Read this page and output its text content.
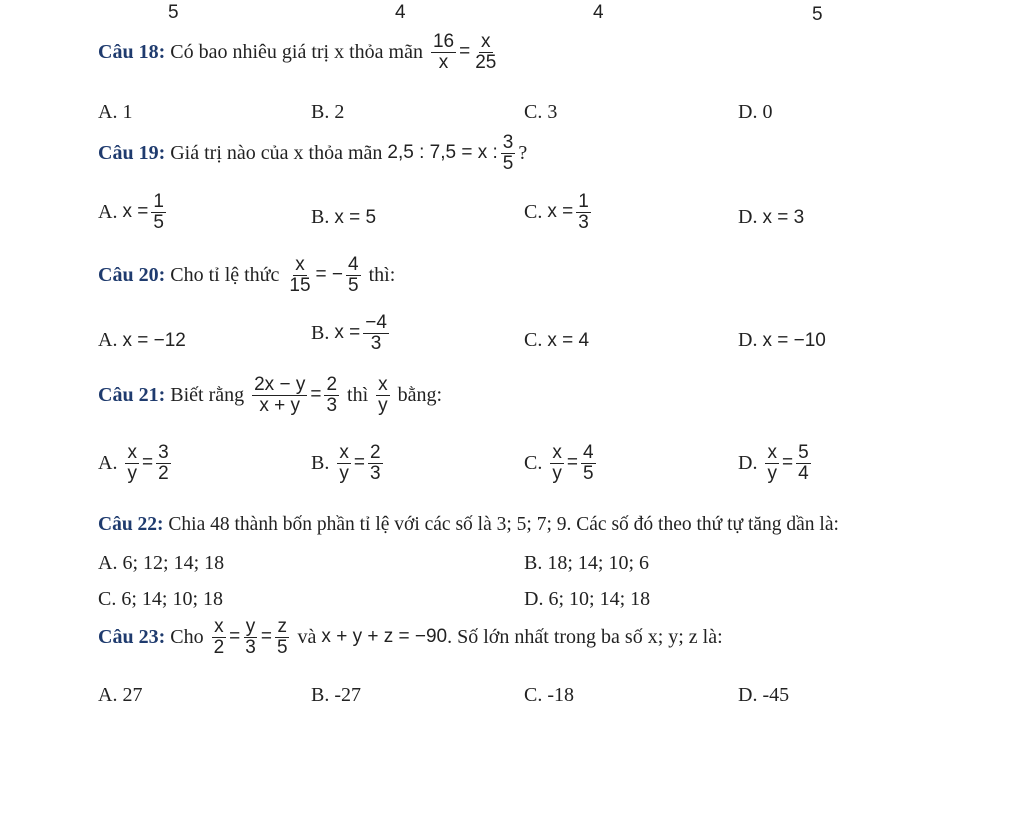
5	4	4	5
Câu 18:
Có bao nhiêu giá trị x thỏa mãn
$\frac{16}{x} = \frac{x}{25}$
A. 1	B. 2	C. 3	D. 0
Câu 19:
Giá trị nào của x thỏa mãn
2,5 : 7,5 = x : $\frac{3}{5}$ ?
A.
$x = \frac{1}{5}$	B.
x = 5	C.
$x = \frac{1}{3}$	D.
x = 3
Câu 20:
Cho tỉ lệ thức
$\frac{x}{15}$ = − $\frac{4}{5}$
thì:
A.
x = −12	B.
$x = \frac{-4}{3}$	C.
x = 4	D.
x = −10
Câu 21:
Biết rằng
$\frac{2x - y}{x + y} = \frac{2}{3}$
thì
$\frac{x}{y}$
bằng:
A.
$\frac{x}{y} = \frac{3}{2}$	B.
$\frac{x}{y} = \frac{2}{3}$	C.
$\frac{x}{y} = \frac{4}{5}$	D.
$\frac{x}{y} = \frac{5}{4}$
Câu 22: Chia 48 thành bốn phần tỉ lệ với các số là 3; 5; 7; 9. Các số đó theo thứ tự tăng dần là:
A. 6; 12; 14; 18	B. 18; 14; 10; 6
C. 6; 14; 10; 18	D. 6; 10; 14; 18
Câu 23:
Cho
$\frac{x}{2} = \frac{y}{3} = \frac{z}{5}$
và
x + y + z = −90 . Số lớn nhất trong ba số x; y; z là:
A. 27	B. -27	C. -18	D. -45
